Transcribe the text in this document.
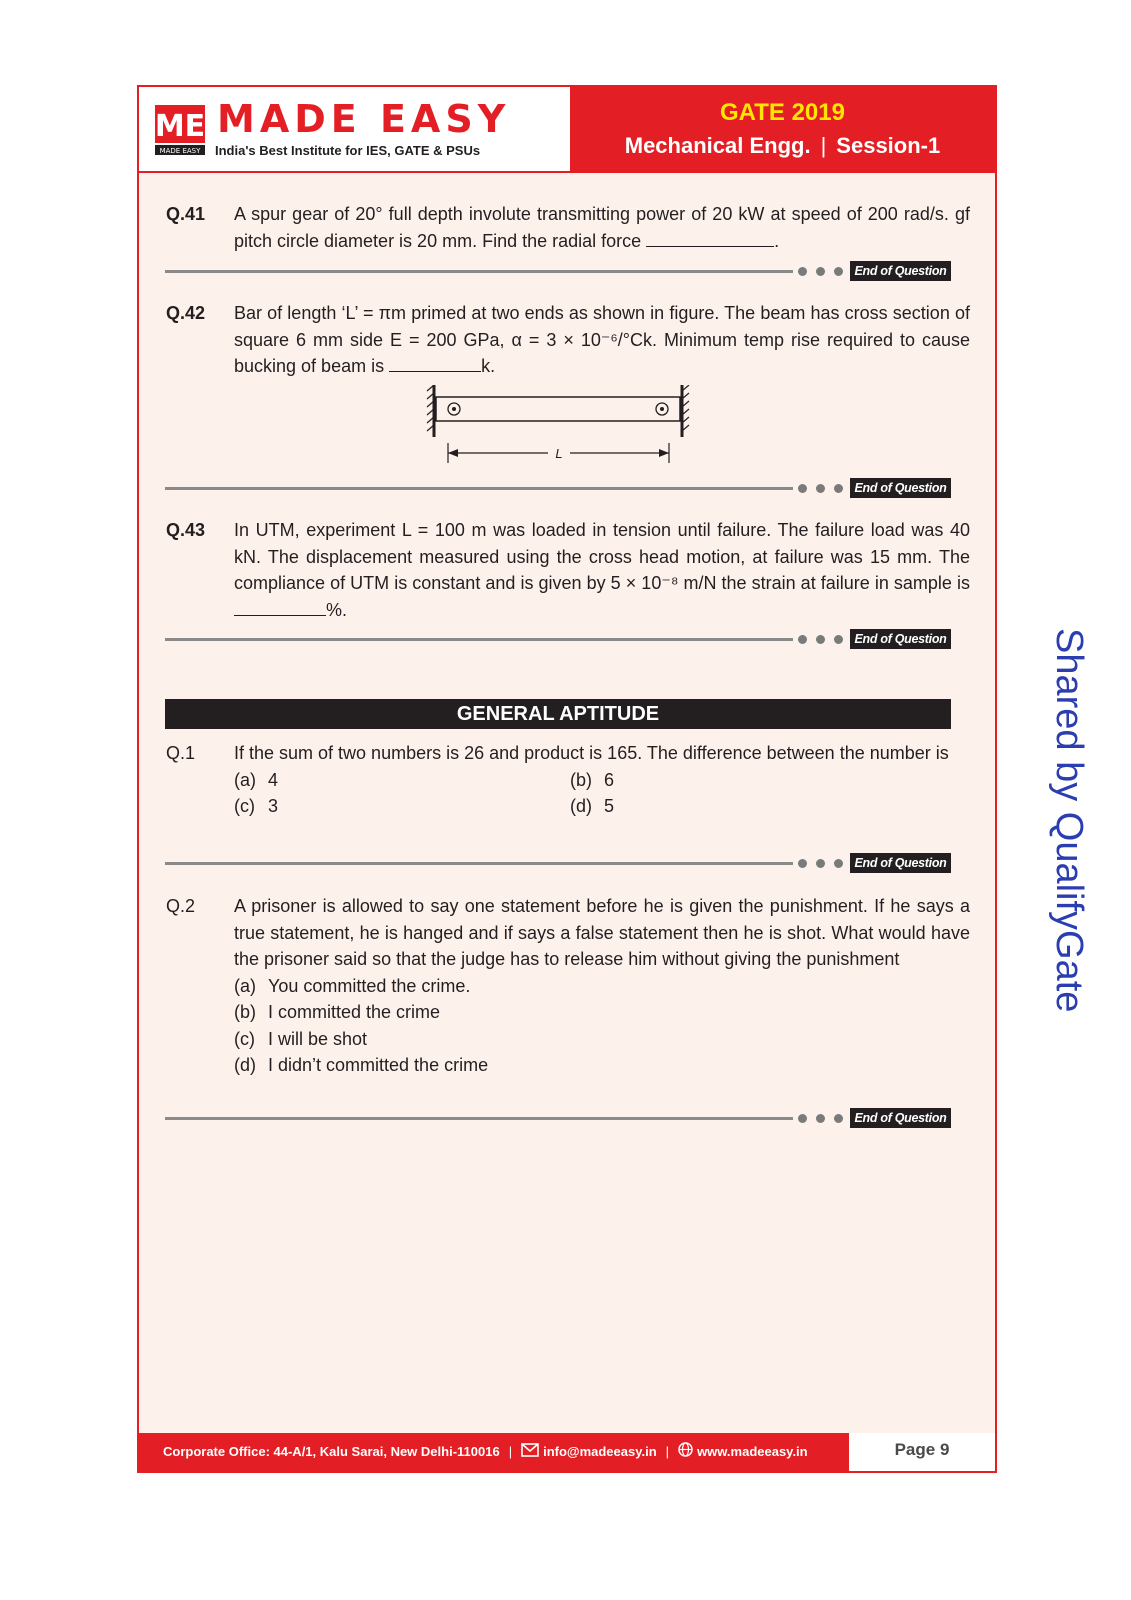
ME
MADE EASY
MADE EASY
India's Best Institute for IES, GATE & PSUs
GATE 2019
Mechanical Engg. | Session-1
Q.41 A spur gear of 20° full depth involute transmitting power of 20 kW at speed of 200 rad/s. gf pitch circle diameter is 20 mm. Find the radial force	.
End of Question
Q.42 Bar of length ‘L’ = πm primed at two ends as shown in figure. The beam has cross section of square 6 mm side E = 200 GPa, α = 3 × 10⁻⁶/°Ck. Minimum temp rise required to cause bucking of beam is	k.
L
End of Question
Q.43 In UTM, experiment L = 100 m was loaded in tension until failure. The failure load was 40 kN. The displacement measured using the cross head motion, at failure was 15 mm. The compliance of UTM is constant and is given by 5 × 10⁻⁸ m/N the strain at failure in sample is %.
End of Question
GENERAL APTITUDE
Q.1 If the sum of two numbers is 26 and product is 165. The difference between the number is
(a) 4	(b) 6
(c) 3	(d) 5
End of Question
Q.2 A prisoner is allowed to say one statement before he is given the punishment. If he says a true statement, he is hanged and if says a false statement then he is shot. What would have the prisoner said so that the judge has to release him without giving the punishment
(a) You committed the crime.
(b) I committed the crime
(c) I will be shot
(d) I didn’t committed the crime
End of Question
Corporate Office: 44-A/1, Kalu Sarai, New Delhi-110016 | info@madeeasy.in | www.madeeasy.in	Page 9
Shared by QualifyGate
